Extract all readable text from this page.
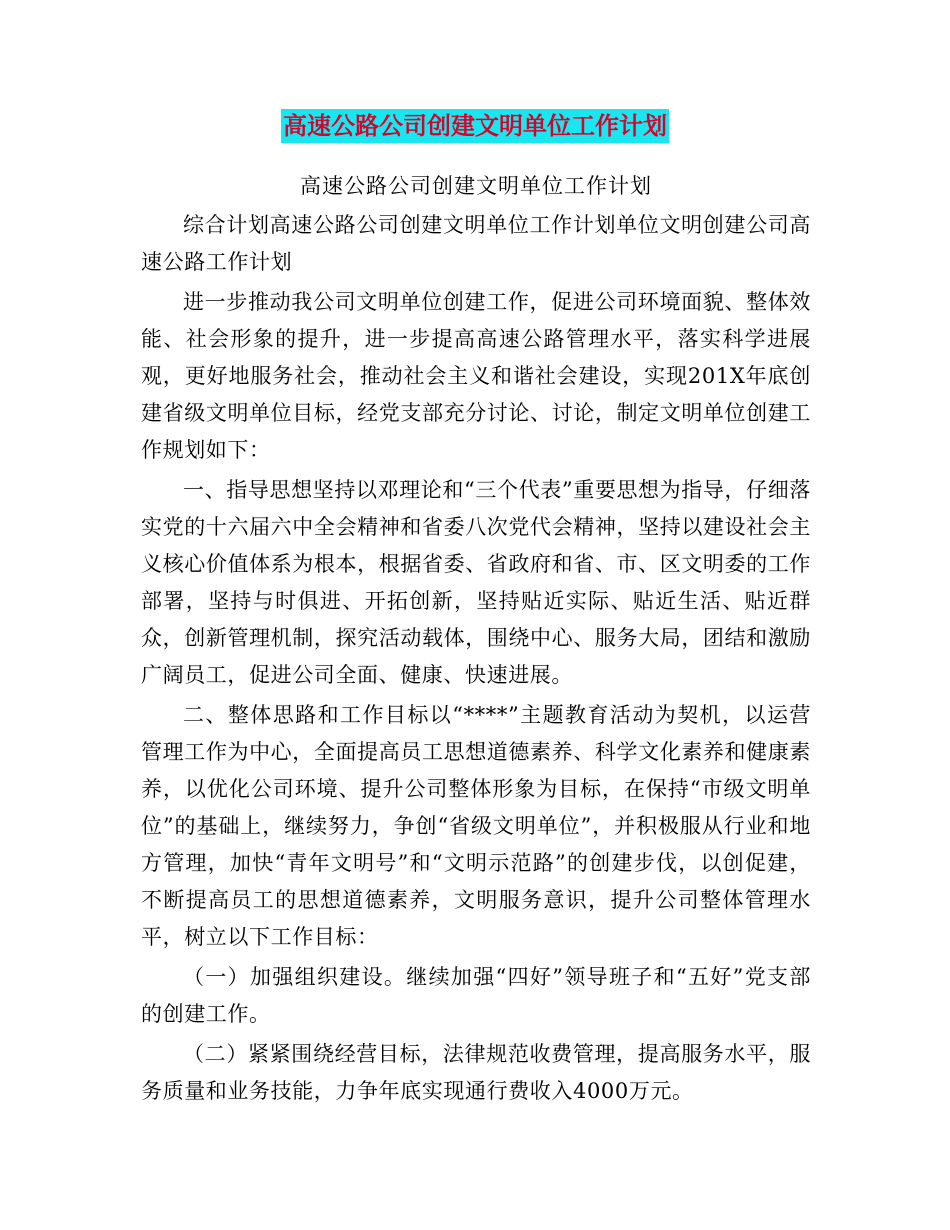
高速公路公司创建文明单位工作计划

高速公路公司创建文明单位工作计划

综合计划高速公路公司创建文明单位工作计划单位文明创建公司高速公路工作计划

进一步推动我公司文明单位创建工作，促进公司环境面貌、整体效能、社会形象的提升，进一步提高高速公路管理水平，落实科学进展观，更好地服务社会，推动社会主义和谐社会建设，实现201X年底创建省级文明单位目标，经党支部充分讨论、讨论，制定文明单位创建工作规划如下：

一、指导思想坚持以邓理论和“三个代表”重要思想为指导，仔细落实党的十六届六中全会精神和省委八次党代会精神，坚持以建设社会主义核心价值体系为根本，根据省委、省政府和省、市、区文明委的工作部署，坚持与时俱进、开拓创新，坚持贴近实际、贴近生活、贴近群众，创新管理机制，探究活动载体，围绕中心、服务大局，团结和激励广阔员工，促进公司全面、健康、快速进展。

二、整体思路和工作目标以“****”主题教育活动为契机，以运营管理工作为中心，全面提高员工思想道德素养、科学文化素养和健康素养，以优化公司环境、提升公司整体形象为目标，在保持“市级文明单位”的基础上，继续努力，争创“省级文明单位”，并积极服从行业和地方管理，加快“青年文明号”和“文明示范路”的创建步伐，以创促建，不断提高员工的思想道德素养，文明服务意识，提升公司整体管理水平，树立以下工作目标：

（一）加强组织建设。继续加强“四好”领导班子和“五好”党支部的创建工作。

（二）紧紧围绕经营目标，法律规范收费管理，提高服务水平，服务质量和业务技能，力争年底实现通行费收入4000万元。
